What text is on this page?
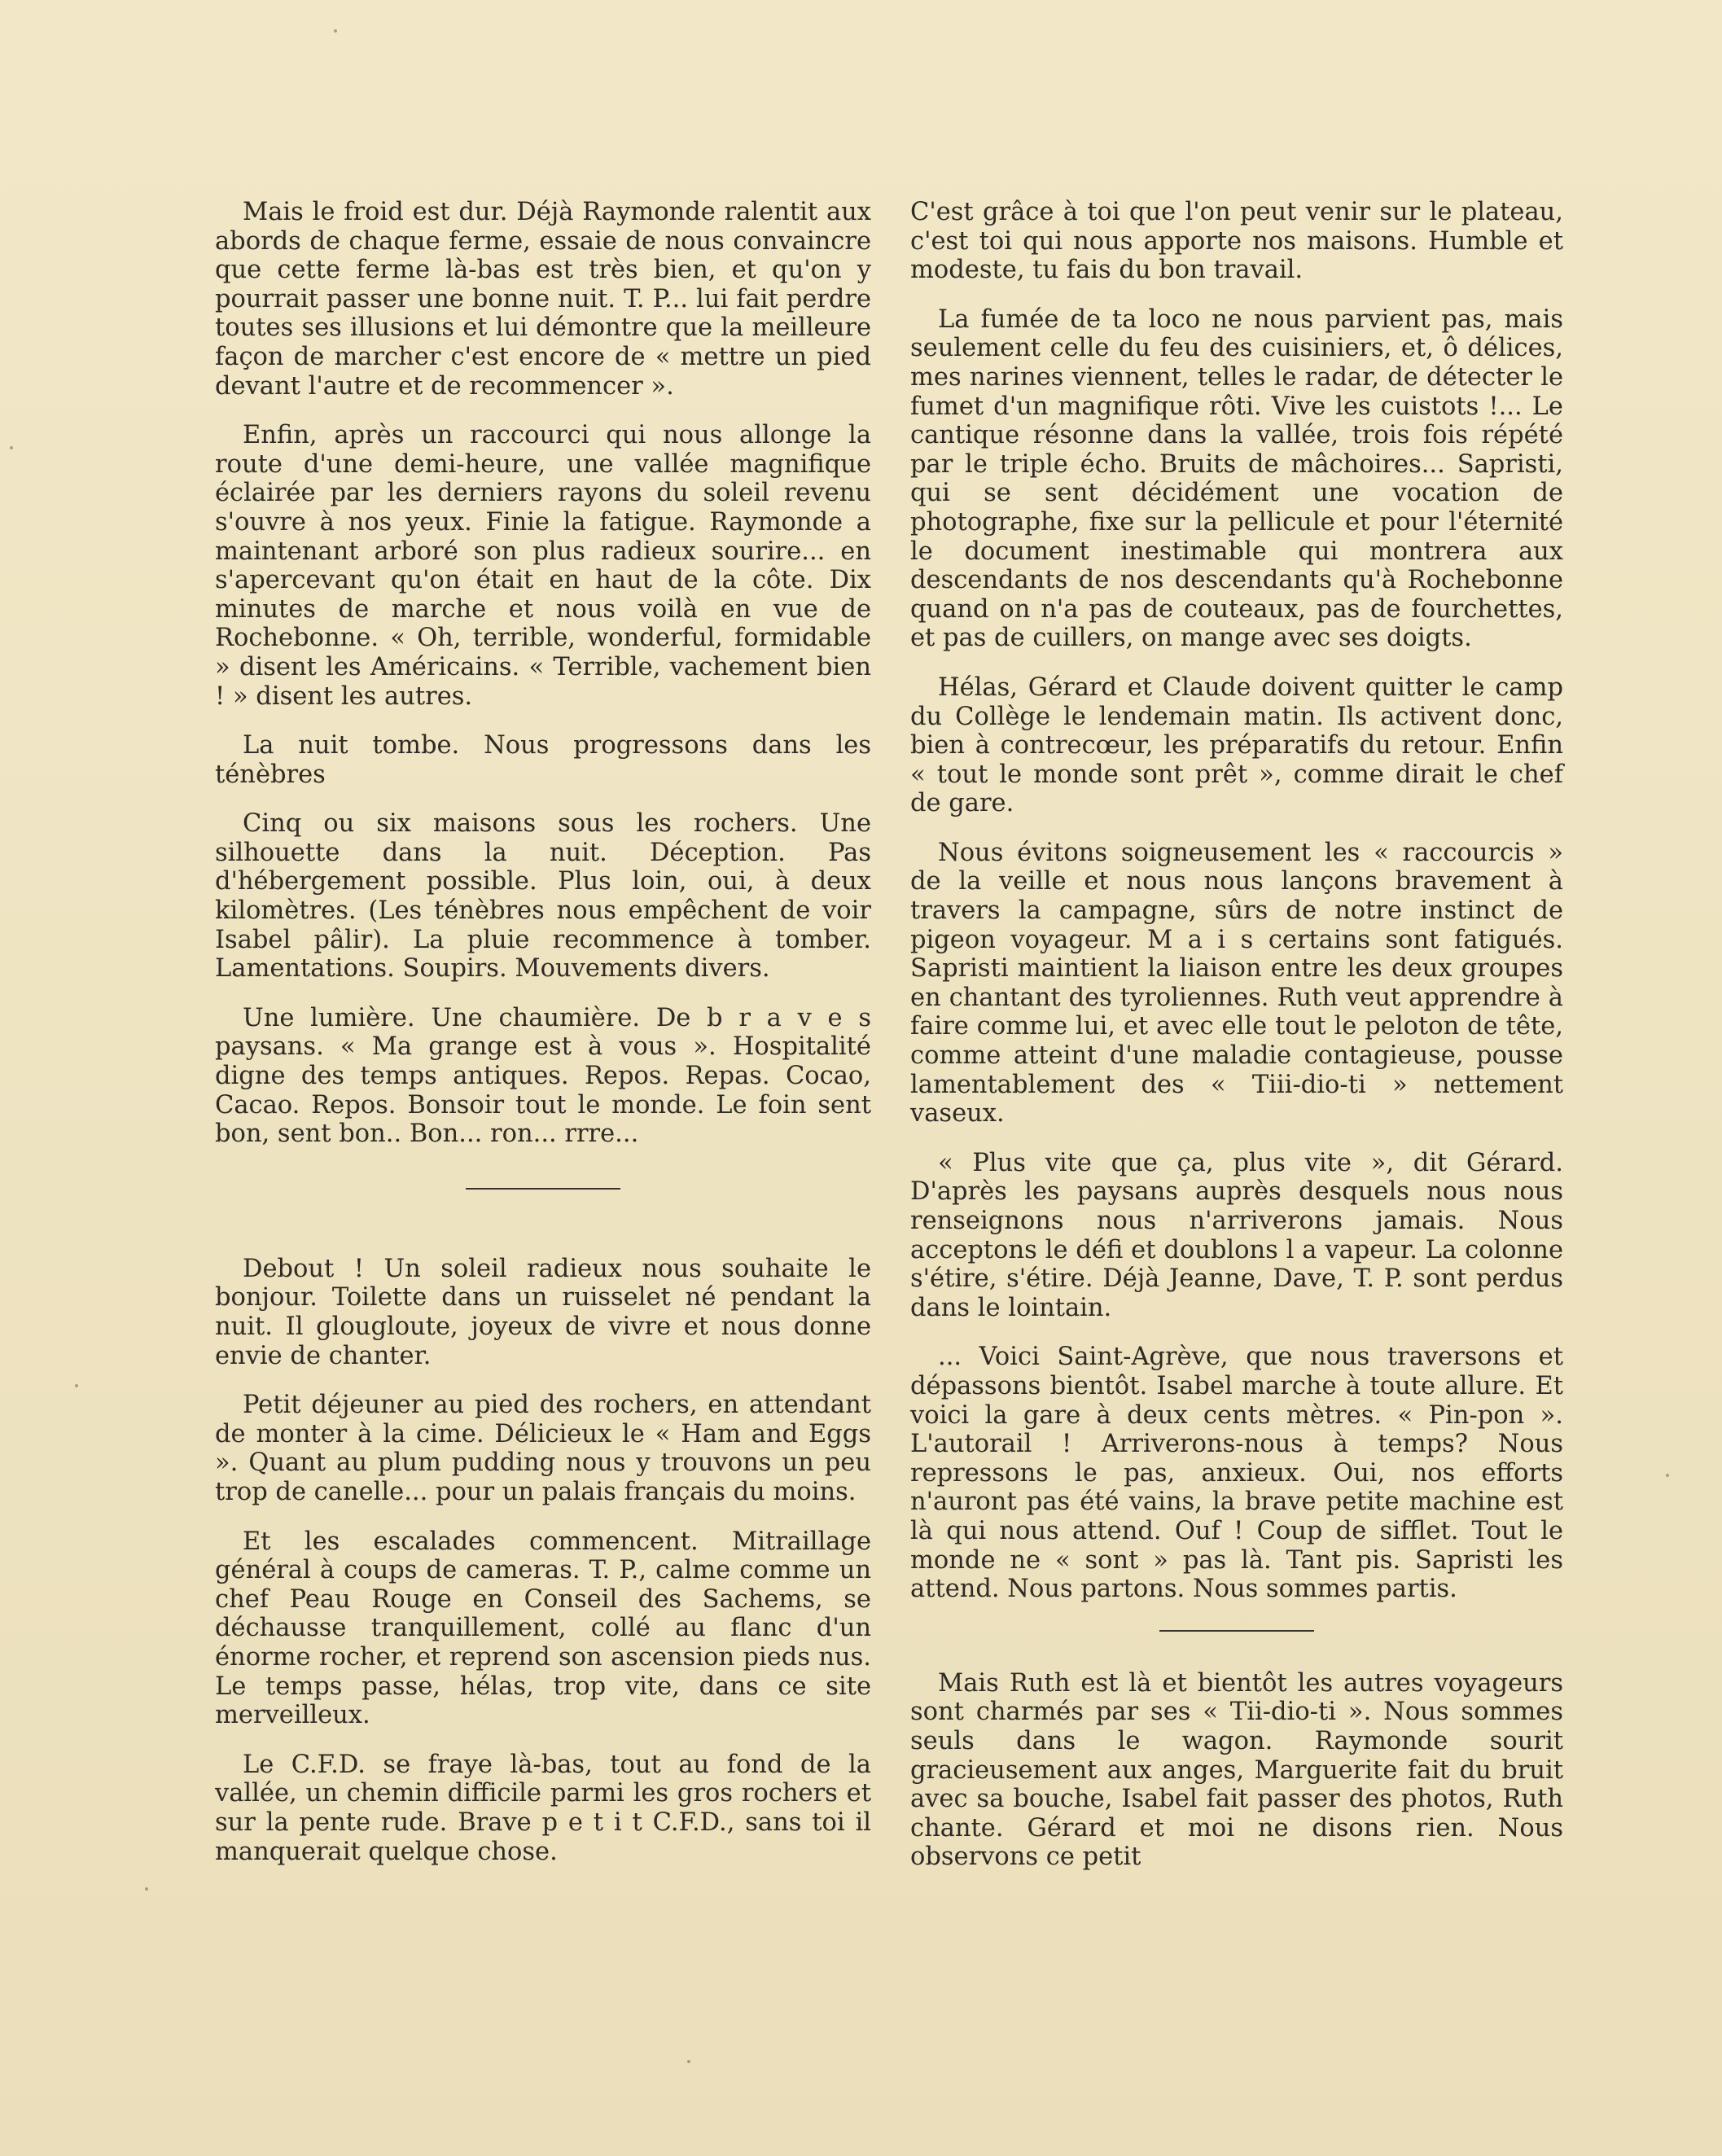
Mais le froid est dur. Déjà Raymonde ralentit aux abords de chaque ferme, essaie de nous convaincre que cette ferme là-bas est très bien, et qu'on y pourrait passer une bonne nuit. T. P... lui fait perdre toutes ses illusions et lui démontre que la meilleure façon de marcher c'est encore de « mettre un pied devant l'autre et de recommencer ».

Enfin, après un raccourci qui nous allonge la route d'une demi-heure, une vallée magnifique éclairée par les derniers rayons du soleil revenu s'ouvre à nos yeux. Finie la fatigue. Raymonde a maintenant arboré son plus radieux sourire... en s'apercevant qu'on était en haut de la côte. Dix minutes de marche et nous voilà en vue de Rochebonne. « Oh, terrible, wonderful, formidable » disent les Américains. « Terrible, vachement bien ! » disent les autres.

La nuit tombe. Nous progressons dans les ténèbres

Cinq ou six maisons sous les rochers. Une silhouette dans la nuit. Déception. Pas d'hébergement possible. Plus loin, oui, à deux kilomètres. (Les ténèbres nous empêchent de voir Isabel pâlir). La pluie recommence à tomber. Lamentations. Soupirs. Mouvements divers.

Une lumière. Une chaumière. De b r a v e s paysans. « Ma grange est à vous ». Hospitalité digne des temps antiques. Repos. Repas. Cocao, Cacao. Repos. Bonsoir tout le monde. Le foin sent bon, sent bon.. Bon... ron... rrre...

Debout ! Un soleil radieux nous souhaite le bonjour. Toilette dans un ruisselet né pendant la nuit. Il glougloute, joyeux de vivre et nous donne envie de chanter.

Petit déjeuner au pied des rochers, en attendant de monter à la cime. Délicieux le « Ham and Eggs ». Quant au plum pudding nous y trouvons un peu trop de canelle... pour un palais français du moins.

Et les escalades commencent. Mitraillage général à coups de cameras. T. P., calme comme un chef Peau Rouge en Conseil des Sachems, se déchausse tranquillement, collé au flanc d'un énorme rocher, et reprend son ascension pieds nus. Le temps passe, hélas, trop vite, dans ce site merveilleux.

Le C.F.D. se fraye là-bas, tout au fond de la vallée, un chemin difficile parmi les gros rochers et sur la pente rude. Brave p e t i t C.F.D., sans toi il manquerait quelque chose.

C'est grâce à toi que l'on peut venir sur le plateau, c'est toi qui nous apporte nos maisons. Humble et modeste, tu fais du bon travail.

La fumée de ta loco ne nous parvient pas, mais seulement celle du feu des cuisiniers, et, ô délices, mes narines viennent, telles le radar, de détecter le fumet d'un magnifique rôti. Vive les cuistots !... Le cantique résonne dans la vallée, trois fois répété par le triple écho. Bruits de mâchoires... Sapristi, qui se sent décidément une vocation de photographe, fixe sur la pellicule et pour l'éternité le document inestimable qui montrera aux descendants de nos descendants qu'à Rochebonne quand on n'a pas de couteaux, pas de fourchettes, et pas de cuillers, on mange avec ses doigts.

Hélas, Gérard et Claude doivent quitter le camp du Collège le lendemain matin. Ils activent donc, bien à contrecœur, les préparatifs du retour. Enfin « tout le monde sont prêt », comme dirait le chef de gare.

Nous évitons soigneusement les « raccourcis » de la veille et nous nous lançons bravement à travers la campagne, sûrs de notre instinct de pigeon voyageur. M a i s certains sont fatigués. Sapristi maintient la liaison entre les deux groupes en chantant des tyroliennes. Ruth veut apprendre à faire comme lui, et avec elle tout le peloton de tête, comme atteint d'une maladie contagieuse, pousse lamentablement des « Tiii-dio-ti » nettement vaseux.

« Plus vite que ça, plus vite », dit Gérard. D'après les paysans auprès desquels nous nous renseignons nous n'arriverons jamais. Nous acceptons le défi et doublons l a vapeur. La colonne s'étire, s'étire. Déjà Jeanne, Dave, T. P. sont perdus dans le lointain.

... Voici Saint-Agrève, que nous traversons et dépassons bientôt. Isabel marche à toute allure. Et voici la gare à deux cents mètres. « Pin-pon ». L'autorail ! Arriverons-nous à temps? Nous repressons le pas, anxieux. Oui, nos efforts n'auront pas été vains, la brave petite machine est là qui nous attend. Ouf ! Coup de sifflet. Tout le monde ne « sont » pas là. Tant pis. Sapristi les attend. Nous partons. Nous sommes partis.

Mais Ruth est là et bientôt les autres voyageurs sont charmés par ses « Tii-dio-ti ». Nous sommes seuls dans le wagon. Raymonde sourit gracieusement aux anges, Marguerite fait du bruit avec sa bouche, Isabel fait passer des photos, Ruth chante. Gérard et moi ne disons rien. Nous observons ce petit
